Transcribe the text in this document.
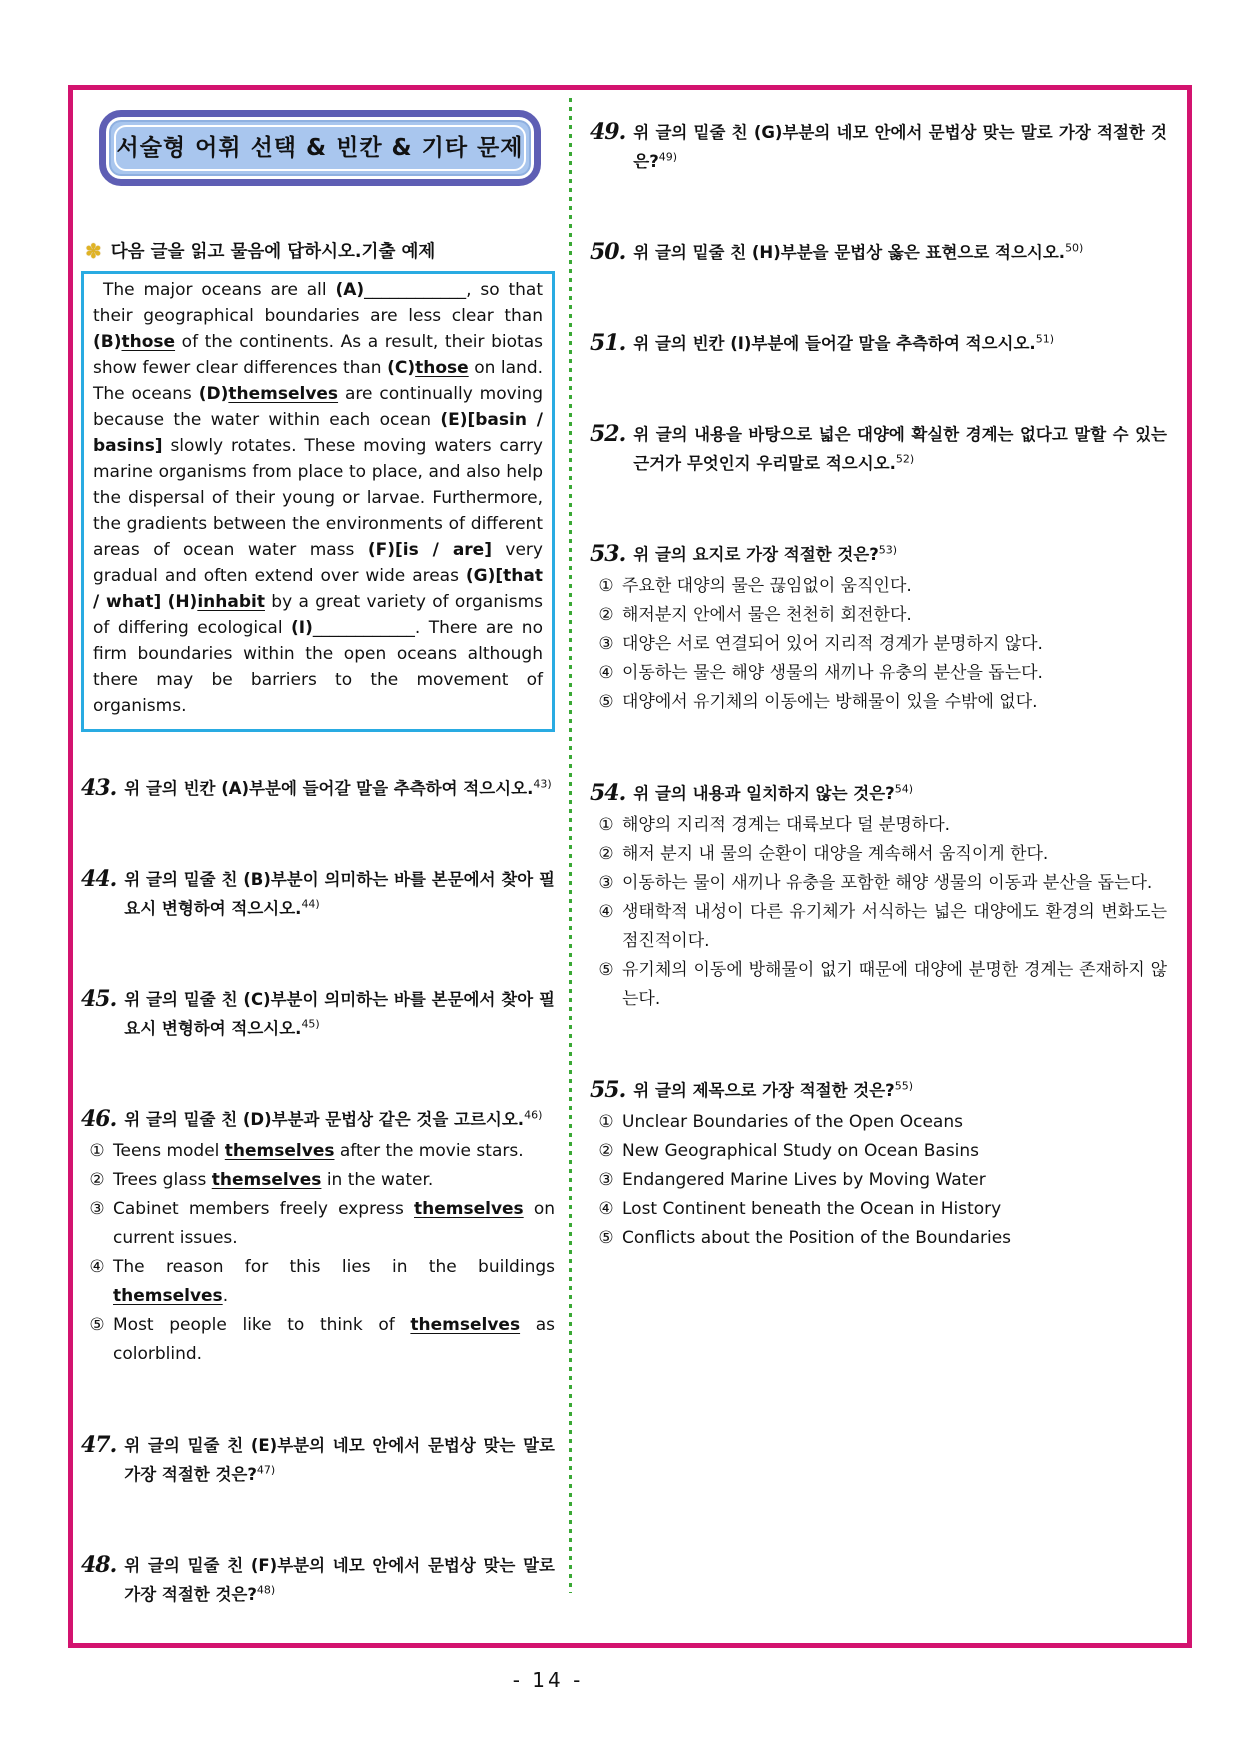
서술형 어휘 선택 & 빈칸 & 기타 문제
✽ 다음 글을 읽고 물음에 답하시오.기출 예제

The major oceans are all (A)____________, so that their geographical boundaries are less clear than (B)those of the continents. As a result, their biotas show fewer clear differences than (C)those on land. The oceans (D)themselves are continually moving because the water within each ocean (E)[basin / basins] slowly rotates. These moving waters carry marine organisms from place to place, and also help the dispersal of their young or larvae. Furthermore, the gradients between the environments of different areas of ocean water mass (F)[is / are] very gradual and often extend over wide areas (G)[that / what] (H)inhabit by a great variety of organisms of differing ecological (I)____________. There are no firm boundaries within the open oceans although there may be barriers to the movement of organisms.

43. 위 글의 빈칸 (A)부분에 들어갈 말을 추측하여 적으시오.$^{43)}$
44. 위 글의 밑줄 친 (B)부분이 의미하는 바를 본문에서 찾아 필요시 변형하여 적으시오.$^{44)}$
45. 위 글의 밑줄 친 (C)부분이 의미하는 바를 본문에서 찾아 필요시 변형하여 적으시오.$^{45)}$
46. 위 글의 밑줄 친 (D)부분과 문법상 같은 것을 고르시오.$^{46)}$
① Teens model themselves after the movie stars.
② Trees glass themselves in the water.
③ Cabinet members freely express themselves on current issues.
④ The reason for this lies in the buildings themselves.
⑤ Most people like to think of themselves as colorblind.
47. 위 글의 밑줄 친 (E)부분의 네모 안에서 문법상 맞는 말로 가장 적절한 것은?$^{47)}$
48. 위 글의 밑줄 친 (F)부분의 네모 안에서 문법상 맞는 말로 가장 적절한 것은?$^{48)}$
49. 위 글의 밑줄 친 (G)부분의 네모 안에서 문법상 맞는 말로 가장 적절한 것은?$^{49)}$
50. 위 글의 밑줄 친 (H)부분을 문법상 옳은 표현으로 적으시오.$^{50)}$
51. 위 글의 빈칸 (I)부분에 들어갈 말을 추측하여 적으시오.$^{51)}$
52. 위 글의 내용을 바탕으로 넓은 대양에 확실한 경계는 없다고 말할 수 있는 근거가 무엇인지 우리말로 적으시오.$^{52)}$
53. 위 글의 요지로 가장 적절한 것은?$^{53)}$
① 주요한 대양의 물은 끊임없이 움직인다.
② 해저분지 안에서 물은 천천히 회전한다.
③ 대양은 서로 연결되어 있어 지리적 경계가 분명하지 않다.
④ 이동하는 물은 해양 생물의 새끼나 유충의 분산을 돕는다.
⑤ 대양에서 유기체의 이동에는 방해물이 있을 수밖에 없다.
54. 위 글의 내용과 일치하지 않는 것은?$^{54)}$
① 해양의 지리적 경계는 대륙보다 덜 분명하다.
② 해저 분지 내 물의 순환이 대양을 계속해서 움직이게 한다.
③ 이동하는 물이 새끼나 유충을 포함한 해양 생물의 이동과 분산을 돕는다.
④ 생태학적 내성이 다른 유기체가 서식하는 넓은 대양에도 환경의 변화도는 점진적이다.
⑤ 유기체의 이동에 방해물이 없기 때문에 대양에 분명한 경계는 존재하지 않는다.
55. 위 글의 제목으로 가장 적절한 것은?$^{55)}$
① Unclear Boundaries of the Open Oceans
② New Geographical Study on Ocean Basins
③ Endangered Marine Lives by Moving Water
④ Lost Continent beneath the Ocean in History
⑤ Conflicts about the Position of the Boundaries
- 14 -
